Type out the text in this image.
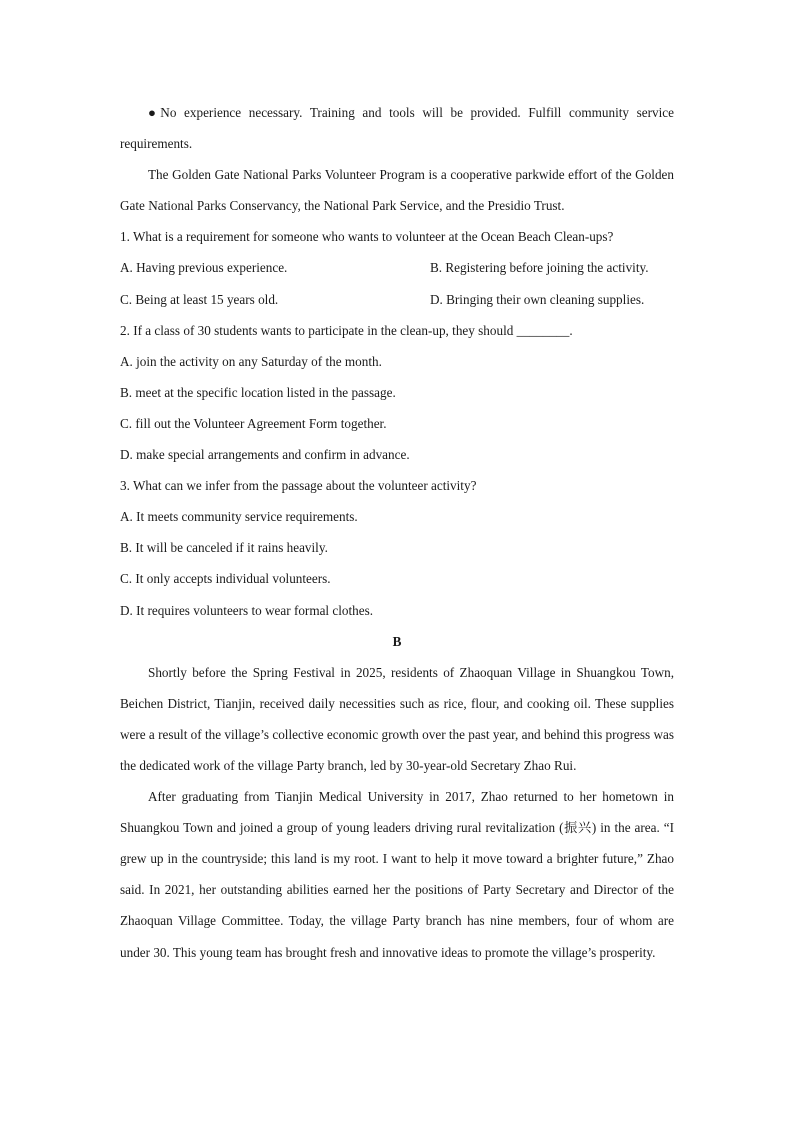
●No experience necessary. Training and tools will be provided. Fulfill community service requirements.

The Golden Gate National Parks Volunteer Program is a cooperative parkwide effort of the Golden Gate National Parks Conservancy, the National Park Service, and the Presidio Trust.

1. What is a requirement for someone who wants to volunteer at the Ocean Beach Clean-ups?

A. Having previous experience.	B. Registering before joining the activity.
C. Being at least 15 years old.	D. Bringing their own cleaning supplies.

2. If a class of 30 students wants to participate in the clean-up, they should ________.

A. join the activity on any Saturday of the month.

B. meet at the specific location listed in the passage.

C. fill out the Volunteer Agreement Form together.

D. make special arrangements and confirm in advance.

3. What can we infer from the passage about the volunteer activity?

A. It meets community service requirements.

B. It will be canceled if it rains heavily.

C. It only accepts individual volunteers.

D. It requires volunteers to wear formal clothes.

B

Shortly before the Spring Festival in 2025, residents of Zhaoquan Village in Shuangkou Town, Beichen District, Tianjin, received daily necessities such as rice, flour, and cooking oil. These supplies were a result of the village’s collective economic growth over the past year, and behind this progress was the dedicated work of the village Party branch, led by 30-year-old Secretary Zhao Rui.

After graduating from Tianjin Medical University in 2017, Zhao returned to her hometown in Shuangkou Town and joined a group of young leaders driving rural revitalization (振兴) in the area. “I grew up in the countryside; this land is my root. I want to help it move toward a brighter future,” Zhao said. In 2021, her outstanding abilities earned her the positions of Party Secretary and Director of the Zhaoquan Village Committee. Today, the village Party branch has nine members, four of whom are under 30. This young team has brought fresh and innovative ideas to promote the village’s prosperity.
